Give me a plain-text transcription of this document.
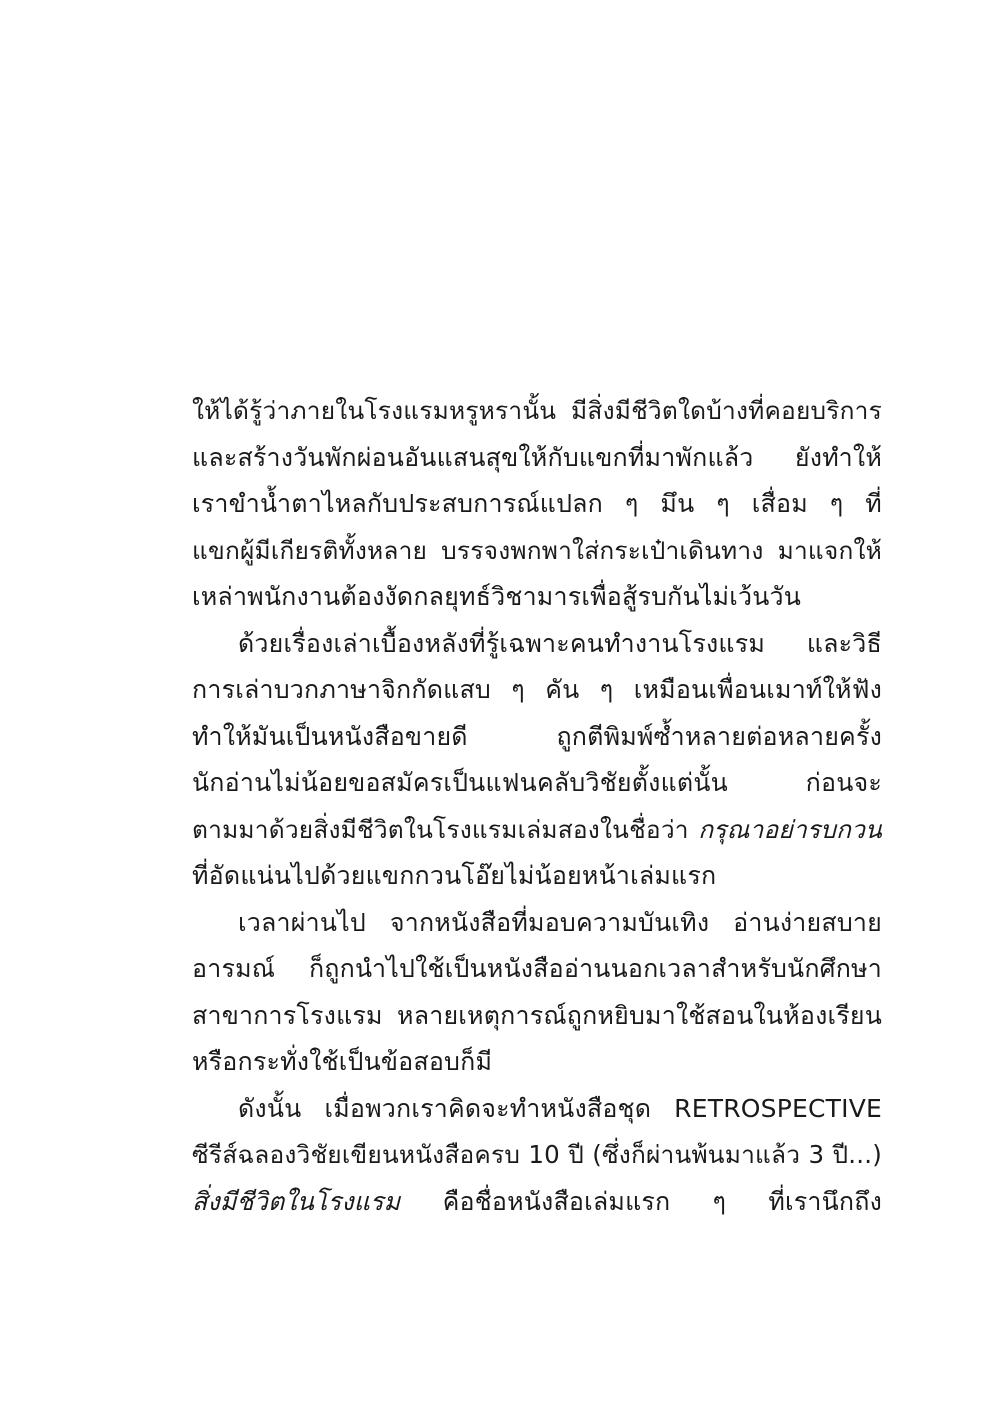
ให้ได้รู้ว่าภายในโรงแรมหรูหรานั้น มีสิ่งมีชีวิตใดบ้างที่คอยบริการ
และสร้างวันพักผ่อนอันแสนสุขให้กับแขกที่มาพักแล้ว ยังทำให้
เราขำน้ำตาไหลกับประสบการณ์แปลก ๆ มึน ๆ เสื่อม ๆ ที่
แขกผู้มีเกียรติทั้งหลาย บรรจงพกพาใส่กระเป๋าเดินทาง มาแจกให้
เหล่าพนักงานต้องงัดกลยุทธ์วิชามารเพื่อสู้รบกันไม่เว้นวัน
ด้วยเรื่องเล่าเบื้องหลังที่รู้เฉพาะคนทำงานโรงแรม และวิธี
การเล่าบวกภาษาจิกกัดแสบ ๆ คัน ๆ เหมือนเพื่อนเมาท์ให้ฟัง
ทำให้มันเป็นหนังสือขายดี ถูกตีพิมพ์ซ้ำหลายต่อหลายครั้ง
นักอ่านไม่น้อยขอสมัครเป็นแฟนคลับวิชัยตั้งแต่นั้น ก่อนจะ
ตามมาด้วยสิ่งมีชีวิตในโรงแรมเล่มสองในชื่อว่า กรุณาอย่ารบกวน
ที่อัดแน่นไปด้วยแขกกวนโอ๊ยไม่น้อยหน้าเล่มแรก
เวลาผ่านไป จากหนังสือที่มอบความบันเทิง อ่านง่ายสบาย
อารมณ์ ก็ถูกนำไปใช้เป็นหนังสืออ่านนอกเวลาสำหรับนักศึกษา
สาขาการโรงแรม หลายเหตุการณ์ถูกหยิบมาใช้สอนในห้องเรียน
หรือกระทั่งใช้เป็นข้อสอบก็มี
ดังนั้น เมื่อพวกเราคิดจะทำหนังสือชุด RETROSPECTIVE
ซีรีส์ฉลองวิชัยเขียนหนังสือครบ 10 ปี (ซึ่งก็ผ่านพ้นมาแล้ว 3 ปี...)
สิ่งมีชีวิตในโรงแรม คือชื่อหนังสือเล่มแรก ๆ ที่เรานึกถึง
